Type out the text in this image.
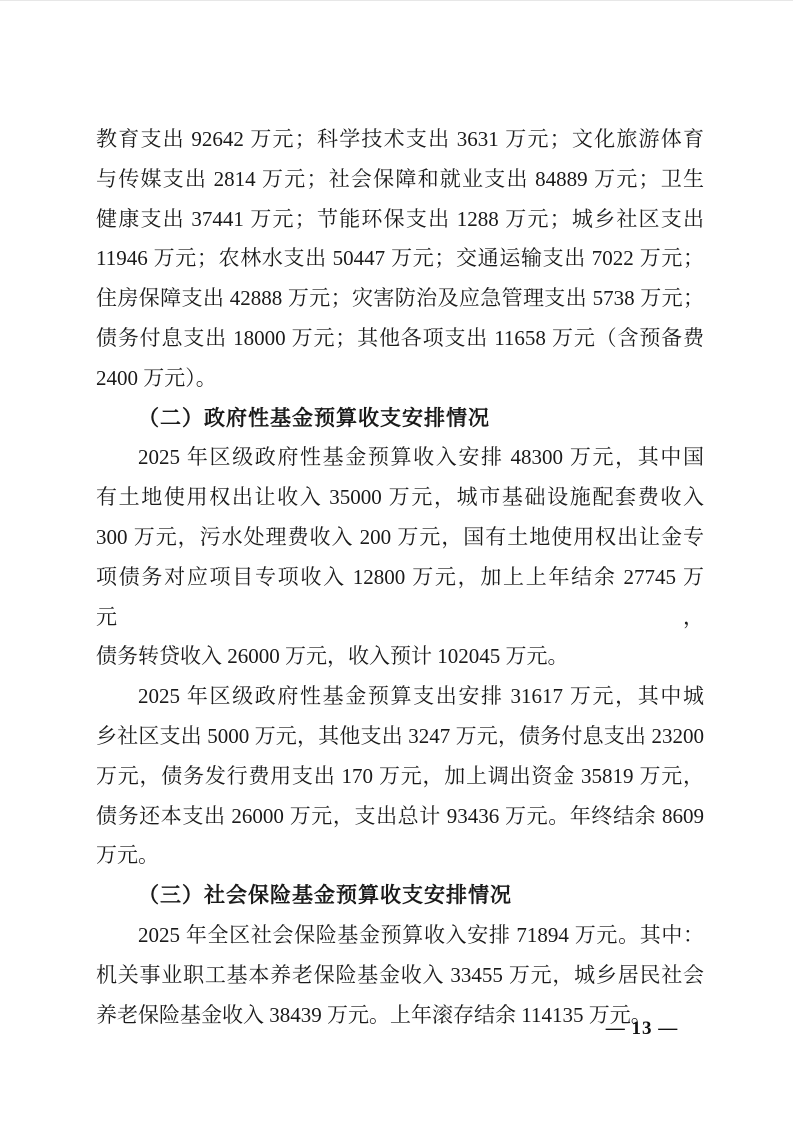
教育支出 92642 万元；科学技术支出 3631 万元；文化旅游体育
与传媒支出 2814 万元；社会保障和就业支出 84889 万元；卫生
健康支出 37441 万元；节能环保支出 1288 万元；城乡社区支出
11946 万元；农林水支出 50447 万元；交通运输支出 7022 万元；
住房保障支出 42888 万元；灾害防治及应急管理支出 5738 万元；
债务付息支出 18000 万元；其他各项支出 11658 万元（含预备费
2400 万元）。
（二）政府性基金预算收支安排情况
2025 年区级政府性基金预算收入安排 48300 万元，其中国
有土地使用权出让收入 35000 万元，城市基础设施配套费收入
300 万元，污水处理费收入 200 万元，国有土地使用权出让金专
项债务对应项目专项收入 12800 万元，加上上年结余 27745 万元，
债务转贷收入 26000 万元，收入预计 102045 万元。
2025 年区级政府性基金预算支出安排 31617 万元，其中城
乡社区支出 5000 万元，其他支出 3247 万元，债务付息支出 23200
万元，债务发行费用支出 170 万元，加上调出资金 35819 万元，
债务还本支出 26000 万元，支出总计 93436 万元。年终结余 8609
万元。
（三）社会保险基金预算收支安排情况
2025 年全区社会保险基金预算收入安排 71894 万元。其中：
机关事业职工基本养老保险基金收入 33455 万元，城乡居民社会
养老保险基金收入 38439 万元。上年滚存结余 114135 万元。
— 13 —
